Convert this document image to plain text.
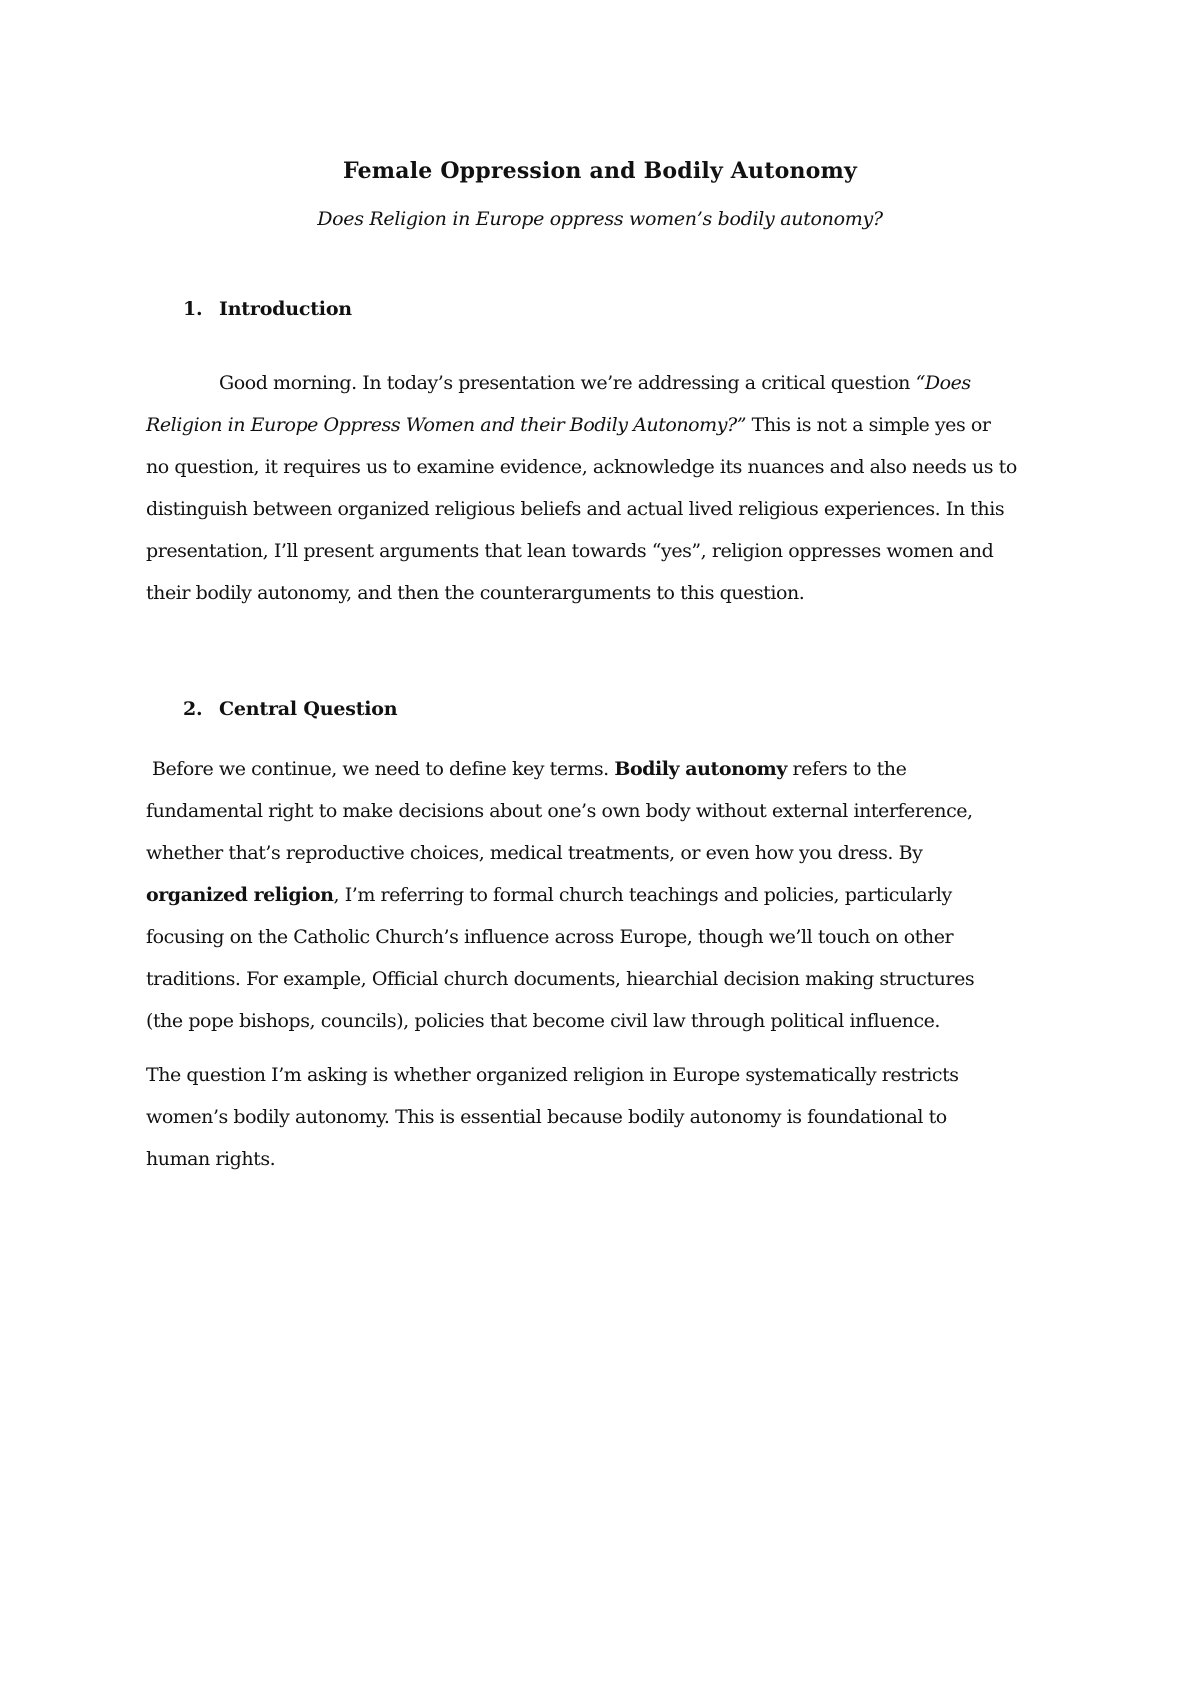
Female Oppression and Bodily Autonomy
Does Religion in Europe oppress women’s bodily autonomy?
1. Introduction
Good morning. In today’s presentation we’re addressing a critical question “Does
Religion in Europe Oppress Women and their Bodily Autonomy?” This is not a simple yes or
no question, it requires us to examine evidence, acknowledge its nuances and also needs us to
distinguish between organized religious beliefs and actual lived religious experiences. In this
presentation, I’ll present arguments that lean towards “yes”, religion oppresses women and
their bodily autonomy, and then the counterarguments to this question.
2. Central Question
Before we continue, we need to define key terms. Bodily autonomy refers to the
fundamental right to make decisions about one’s own body without external interference,
whether that’s reproductive choices, medical treatments, or even how you dress. By
organized religion, I’m referring to formal church teachings and policies, particularly
focusing on the Catholic Church’s influence across Europe, though we’ll touch on other
traditions. For example, Official church documents, hiearchial decision making structures
(the pope bishops, councils), policies that become civil law through political influence.
The question I’m asking is whether organized religion in Europe systematically restricts
women’s bodily autonomy. This is essential because bodily autonomy is foundational to
human rights.
